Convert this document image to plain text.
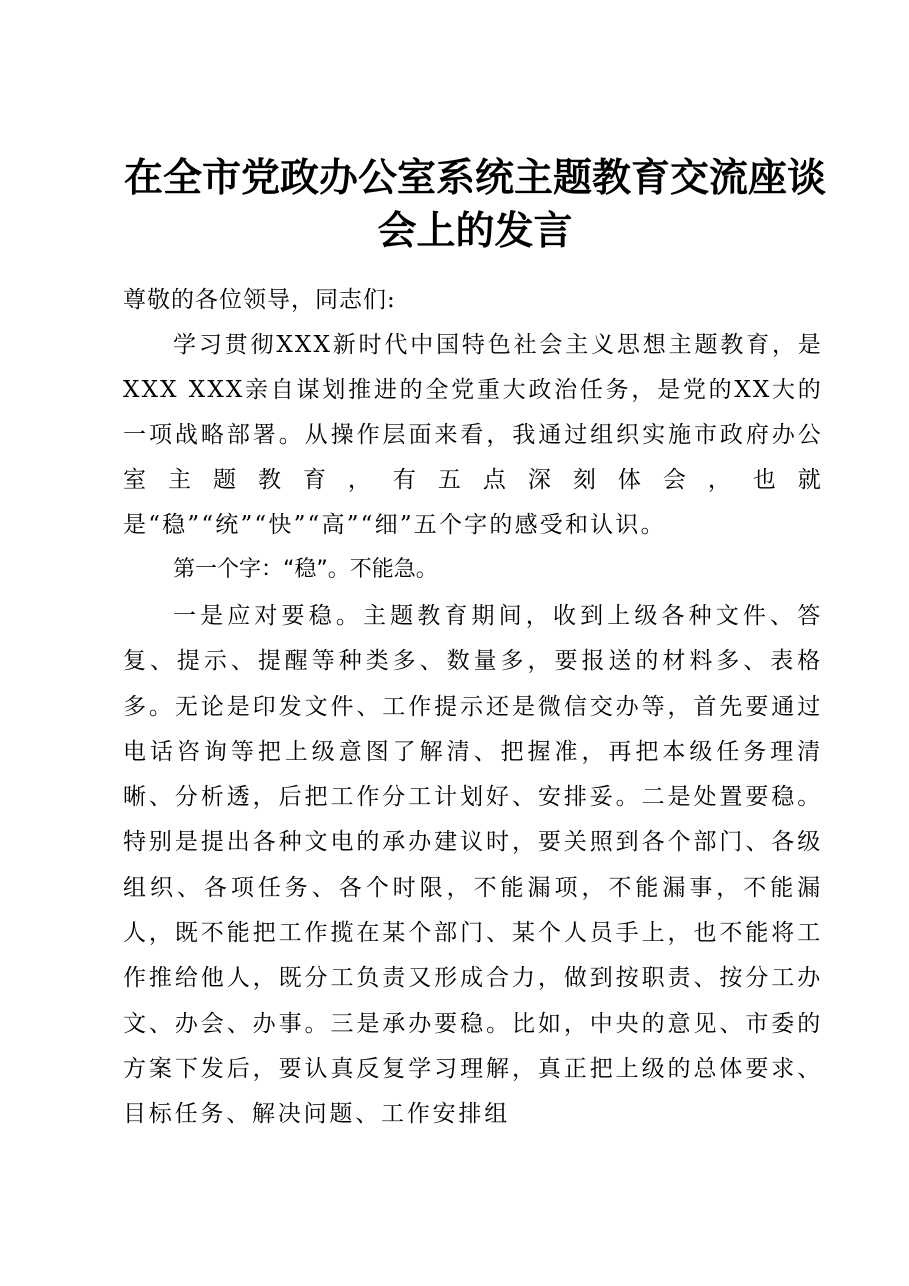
在全市党政办公室系统主题教育交流座谈会上的发言

尊敬的各位领导，同志们:

学习贯彻XXX新时代中国特色社会主义思想主题教育，是XXX XXX亲自谋划推进的全党重大政治任务，是党的XX大的一项战略部署。从操作层面来看，我通过组织实施市政府办公室主题教育，有五点深刻体会，也就是“稳”“统”“快”“高”“细”五个字的感受和认识。

第一个字：“稳”。不能急。

一是应对要稳。主题教育期间，收到上级各种文件、答复、提示、提醒等种类多、数量多，要报送的材料多、表格多。无论是印发文件、工作提示还是微信交办等，首先要通过电话咨询等把上级意图了解清、把握准，再把本级任务理清晰、分析透，后把工作分工计划好、安排妥。二是处置要稳。特别是提出各种文电的承办建议时，要关照到各个部门、各级组织、各项任务、各个时限，不能漏项，不能漏事，不能漏人，既不能把工作揽在某个部门、某个人员手上，也不能将工作推给他人，既分工负责又形成合力，做到按职责、按分工办文、办会、办事。三是承办要稳。比如，中央的意见、市委的方案下发后，要认真反复学习理解，真正把上级的总体要求、目标任务、解决问题、工作安排组
